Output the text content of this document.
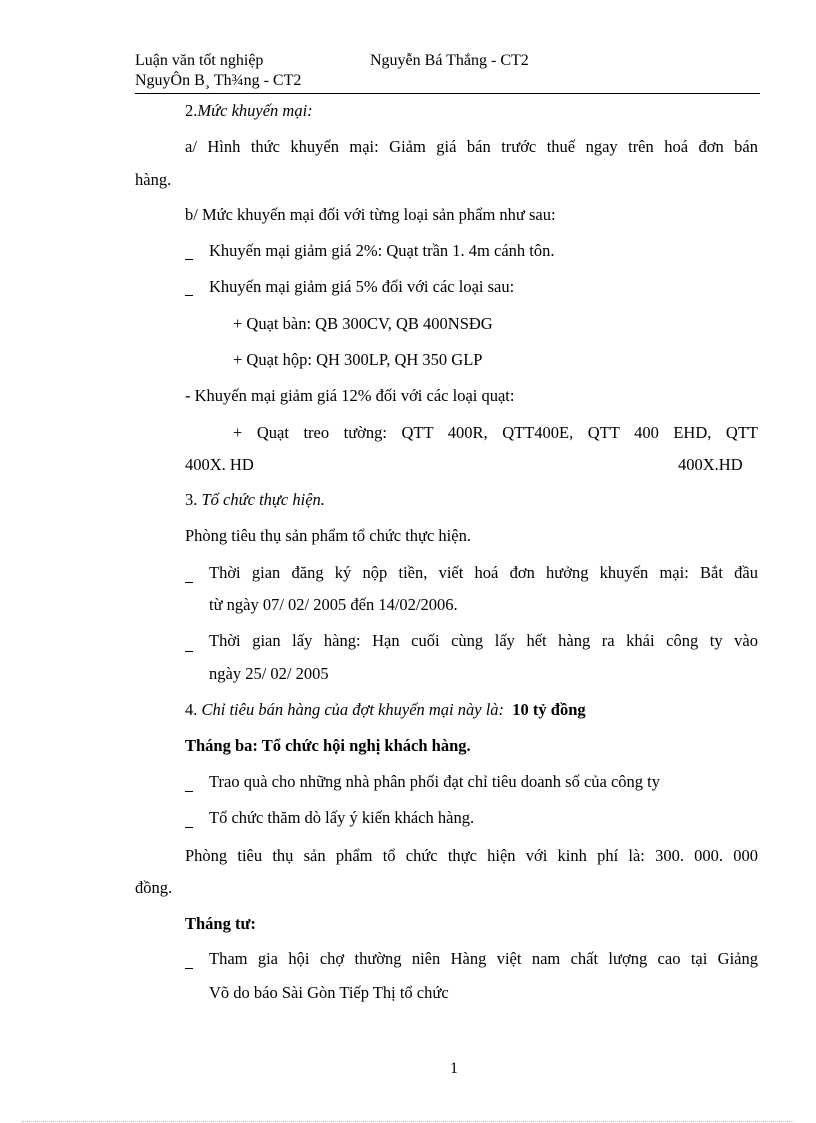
Luận văn tốt nghiệp	Nguyễn Bá Thắng - CT2
NguyÔn B¸ Th¾ng - CT2
2.Mức khuyến mại:
a/ Hình thức khuyến mại: Giảm giá bán trước thuế ngay trên hoá đơn bán
hàng.
b/ Mức khuyến mại đối với từng loại sản phẩm như sau:
Khuyến mại giảm giá 2%: Quạt trần 1. 4m cánh tôn.
Khuyến mại giảm giá 5% đối với các loại sau:
+ Quạt bàn: QB 300CV, QB 400NSĐG
+ Quạt hộp: QH 300LP, QH 350 GLP
- Khuyến mại giảm giá 12% đối với các loại quạt:
+ Quạt treo tường: QTT 400R, QTT400E, QTT 400 EHD, QTT
400X. HD	400X.HD
3. Tổ chức thực hiện.
Phòng tiêu thụ sản phẩm tổ chức thực hiện.
Thời gian đăng ký nộp tiền, viết hoá đơn hưởng khuyến mại: Bắt đầu
từ ngày 07/ 02/ 2005 đến 14/02/2006.
Thời gian lấy hàng: Hạn cuối cùng lấy hết hàng ra khái công ty vào
ngày 25/ 02/ 2005
4. Chỉ tiêu bán hàng của đợt khuyến mại này là: 10 tỷ đồng
Tháng ba: Tổ chức hội nghị khách hàng.
Trao quà cho những nhà phân phối đạt chỉ tiêu doanh số của công ty
Tổ chức thăm dò lấy ý kiến khách hàng.
Phòng tiêu thụ sản phẩm tổ chức thực hiện với kinh phí là: 300. 000. 000
đồng.
Tháng tư:
Tham gia hội chợ thường niên Hàng việt nam chất lượng cao tại Giảng
Võ do báo Sài Gòn Tiếp Thị tổ chức
1
